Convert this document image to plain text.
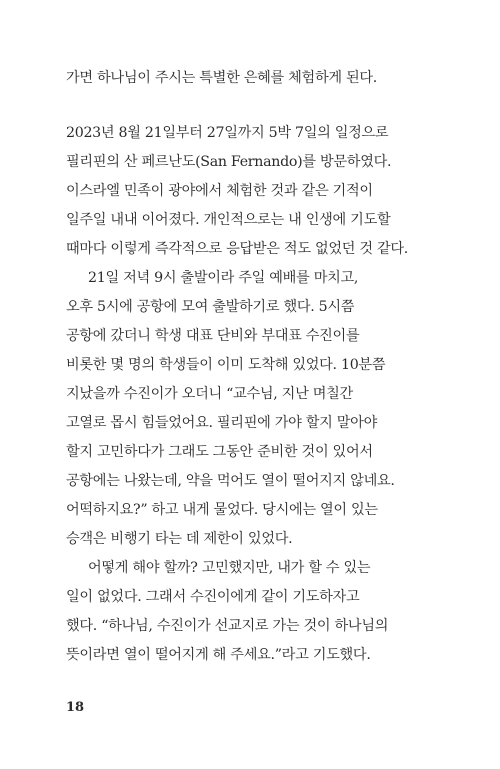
가면 하나님이 주시는 특별한 은혜를 체험하게 된다.
2023년 8월 21일부터 27일까지 5박 7일의 일정으로
필리핀의 산 페르난도(San Fernando)를 방문하였다.
이스라엘 민족이 광야에서 체험한 것과 같은 기적이
일주일 내내 이어졌다. 개인적으로는 내 인생에 기도할
때마다 이렇게 즉각적으로 응답받은 적도 없었던 것 같다.
21일 저녁 9시 출발이라 주일 예배를 마치고,
오후 5시에 공항에 모여 출발하기로 했다. 5시쯤
공항에 갔더니 학생 대표 단비와 부대표 수진이를
비롯한 몇 명의 학생들이 이미 도착해 있었다. 10분쯤
지났을까 수진이가 오더니 “교수님, 지난 며칠간
고열로 몹시 힘들었어요. 필리핀에 가야 할지 말아야
할지 고민하다가 그래도 그동안 준비한 것이 있어서
공항에는 나왔는데, 약을 먹어도 열이 떨어지지 않네요.
어떡하지요?” 하고 내게 물었다. 당시에는 열이 있는
승객은 비행기 타는 데 제한이 있었다.
어떻게 해야 할까? 고민했지만, 내가 할 수 있는
일이 없었다. 그래서 수진이에게 같이 기도하자고
했다. “하나님, 수진이가 선교지로 가는 것이 하나님의
뜻이라면 열이 떨어지게 해 주세요.”라고 기도했다.
18
